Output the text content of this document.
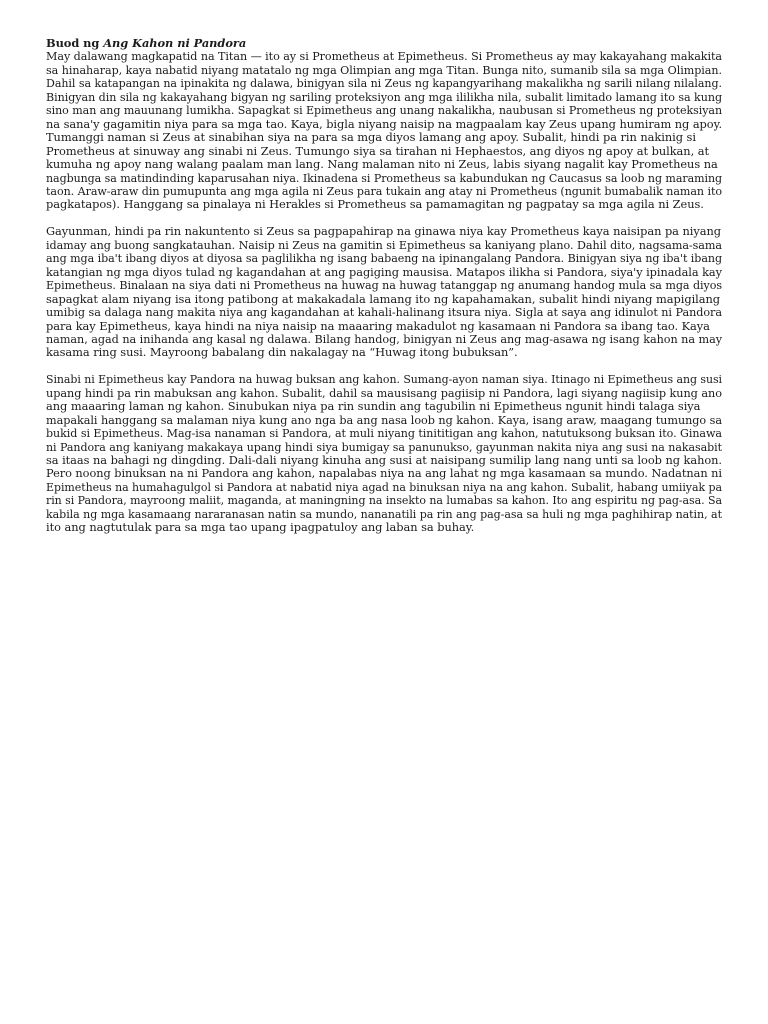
Buod ng Ang Kahon ni Pandora

May dalawang magkapatid na Titan — ito ay si Prometheus at Epimetheus. Si Prometheus ay may kakayahang makakita
sa hinaharap, kaya nabatid niyang matatalo ng mga Olimpian ang mga Titan. Bunga nito, sumanib sila sa mga Olimpian.
Dahil sa katapangan na ipinakita ng dalawa, binigyan sila ni Zeus ng kapangyarihang makalikha ng sarili nilang nilalang.
Binigyan din sila ng kakayahang bigyan ng sariling proteksiyon ang mga ililikha nila, subalit limitado lamang ito sa kung
sino man ang mauunang lumikha. Sapagkat si Epimetheus ang unang nakalikha, naubusan si Prometheus ng proteksiyan
na sana'y gagamitin niya para sa mga tao. Kaya, bigla niyang naisip na magpaalam kay Zeus upang humiram ng apoy.
Tumanggi naman si Zeus at sinabihan siya na para sa mga diyos lamang ang apoy. Subalit, hindi pa rin nakinig si
Prometheus at sinuway ang sinabi ni Zeus. Tumungo siya sa tirahan ni Hephaestos, ang diyos ng apoy at bulkan, at
kumuha ng apoy nang walang paalam man lang. Nang malaman nito ni Zeus, labis siyang nagalit kay Prometheus na
nagbunga sa matindinding kaparusahan niya. Ikinadena si Prometheus sa kabundukan ng Caucasus sa loob ng maraming
taon. Araw-araw din pumupunta ang mga agila ni Zeus para tukain ang atay ni Prometheus (ngunit bumabalik naman ito
pagkatapos). Hanggang sa pinalaya ni Herakles si Prometheus sa pamamagitan ng pagpatay sa mga agila ni Zeus.

Gayunman, hindi pa rin nakuntento si Zeus sa pagpapahirap na ginawa niya kay Prometheus kaya naisipan pa niyang
idamay ang buong sangkatauhan. Naisip ni Zeus na gamitin si Epimetheus sa kaniyang plano. Dahil dito, nagsama-sama
ang mga iba't ibang diyos at diyosa sa paglilikha ng isang babaeng na ipinangalang Pandora. Binigyan siya ng iba't ibang
katangian ng mga diyos tulad ng kagandahan at ang pagiging mausisa. Matapos ilikha si Pandora, siya'y ipinadala kay
Epimetheus. Binalaan na siya dati ni Prometheus na huwag na huwag tatanggap ng anumang handog mula sa mga diyos
sapagkat alam niyang isa itong patibong at makakadala lamang ito ng kapahamakan, subalit hindi niyang mapigilang
umibig sa dalaga nang makita niya ang kagandahan at kahali-halinang itsura niya. Sigla at saya ang idinulot ni Pandora
para kay Epimetheus, kaya hindi na niya naisip na maaaring makadulot ng kasamaan ni Pandora sa ibang tao. Kaya
naman, agad na inihanda ang kasal ng dalawa. Bilang handog, binigyan ni Zeus ang mag-asawa ng isang kahon na may
kasama ring susi. Mayroong babalang din nakalagay na “Huwag itong bubuksan”.

Sinabi ni Epimetheus kay Pandora na huwag buksan ang kahon. Sumang-ayon naman siya. Itinago ni Epimetheus ang susi
upang hindi pa rin mabuksan ang kahon. Subalit, dahil sa mausisang pagiisip ni Pandora, lagi siyang nagiisip kung ano
ang maaaring laman ng kahon. Sinubukan niya pa rin sundin ang tagubilin ni Epimetheus ngunit hindi talaga siya
mapakali hanggang sa malaman niya kung ano nga ba ang nasa loob ng kahon. Kaya, isang araw, maagang tumungo sa
bukid si Epimetheus. Mag-isa nanaman si Pandora, at muli niyang tinititigan ang kahon, natutuksong buksan ito. Ginawa
ni Pandora ang kaniyang makakaya upang hindi siya bumigay sa panunukso, gayunman nakita niya ang susi na nakasabit
sa itaas na bahagi ng dingding. Dali-dali niyang kinuha ang susi at naisipang sumilip lang nang unti sa loob ng kahon.
Pero noong binuksan na ni Pandora ang kahon, napalabas niya na ang lahat ng mga kasamaan sa mundo. Nadatnan ni
Epimetheus na humahagulgol si Pandora at nabatid niya agad na binuksan niya na ang kahon. Subalit, habang umiiyak pa
rin si Pandora, mayroong maliit, maganda, at maningning na insekto na lumabas sa kahon. Ito ang espiritu ng pag-asa. Sa
kabila ng mga kasamaang nararanasan natin sa mundo, nananatili pa rin ang pag-asa sa huli ng mga paghihirap natin, at
ito ang nagtutulak para sa mga tao upang ipagpatuloy ang laban sa buhay.
